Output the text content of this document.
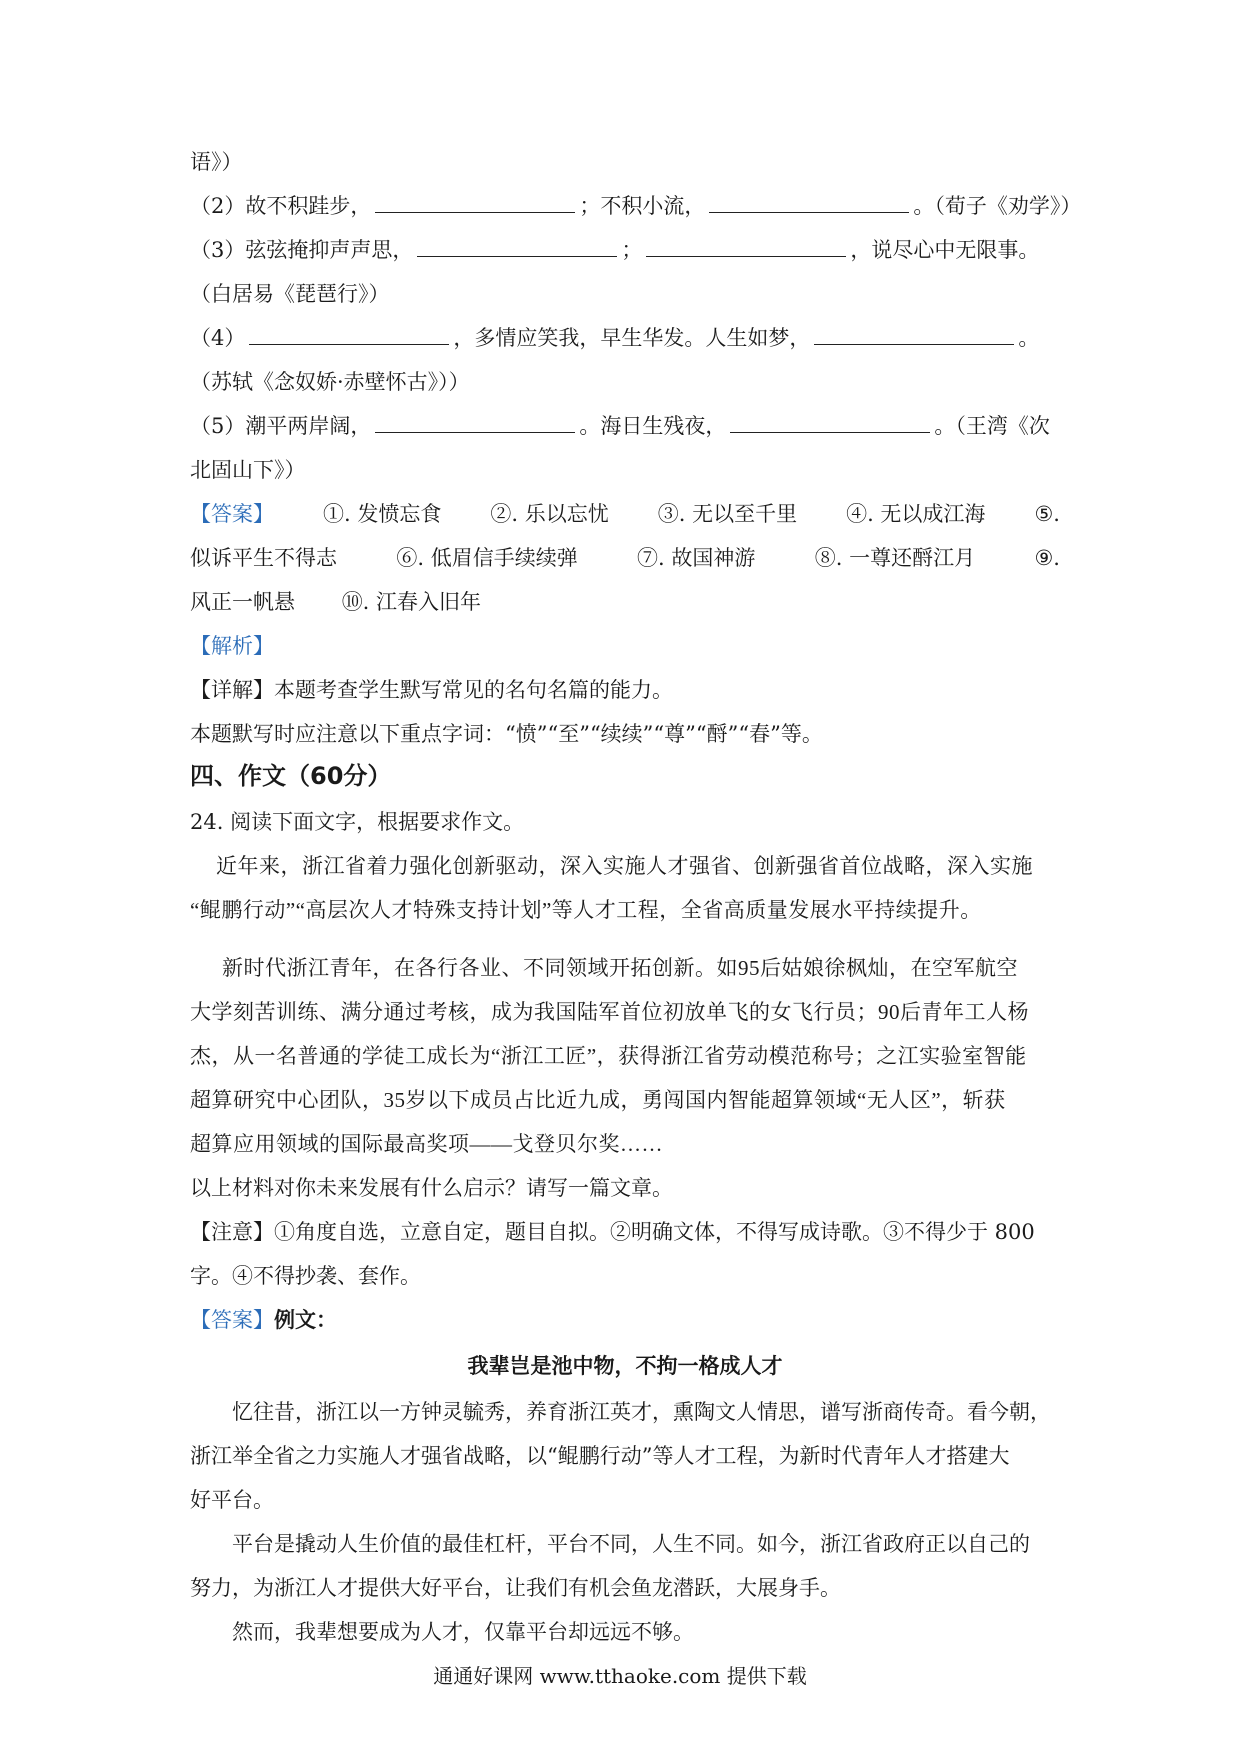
语》）
（2）故不积跬步，	；不积小流，	。（荀子《劝学》）
（3）弦弦掩抑声声思，	；	，说尽心中无限事。
（白居易《琵琶行》）
（4）	，多情应笑我，早生华发。人生如梦，	。
（苏轼《念奴娇·赤壁怀古》））
（5）潮平两岸阔，	。海日生残夜，	。（王湾《次
北固山下》）
【答案】 ①. 发愤忘食 ②. 乐以忘忧 ③. 无以至千里 ④. 无以成江海 ⑤.
似诉平生不得志	⑥. 低眉信手续续弹	⑦. 故国神游	⑧. 一尊还酹江月	⑨.
风正一帆悬 ⑩. 江春入旧年
【解析】
【详解】本题考查学生默写常见的名句名篇的能力。
本题默写时应注意以下重点字词：“愤”“至”“续续”“尊”“酹”“春”等。
四、作文（60分）
24. 阅读下面文字，根据要求作文。
近年来，浙江省着力强化创新驱动，深入实施人才强省、创新强省首位战略，深入实施
“鲲鹏行动”“高层次人才特殊支持计划”等人才工程，全省高质量发展水平持续提升。
新时代浙江青年，在各行各业、不同领域开拓创新。如95后姑娘徐枫灿，在空军航空
大学刻苦训练、满分通过考核，成为我国陆军首位初放单飞的女飞行员；90后青年工人杨
杰，从一名普通的学徒工成长为“浙江工匠”，获得浙江省劳动模范称号；之江实验室智能
超算研究中心团队，35岁以下成员占比近九成，勇闯国内智能超算领域“无人区”，斩获
超算应用领域的国际最高奖项——戈登贝尔奖……
以上材料对你未来发展有什么启示？请写一篇文章。
【注意】①角度自选，立意自定，题目自拟。②明确文体，不得写成诗歌。③不得少于 800
字。④不得抄袭、套作。
【答案】例文：
我辈岂是池中物，不拘一格成人才
忆往昔，浙江以一方钟灵毓秀，养育浙江英才，熏陶文人情思，谱写浙商传奇。看今朝，
浙江举全省之力实施人才强省战略，以“鲲鹏行动”等人才工程，为新时代青年人才搭建大
好平台。
平台是撬动人生价值的最佳杠杆，平台不同，人生不同。如今，浙江省政府正以自己的
努力，为浙江人才提供大好平台，让我们有机会鱼龙潜跃，大展身手。
然而，我辈想要成为人才，仅靠平台却远远不够。
通通好课网 www.tthaoke.com 提供下载
